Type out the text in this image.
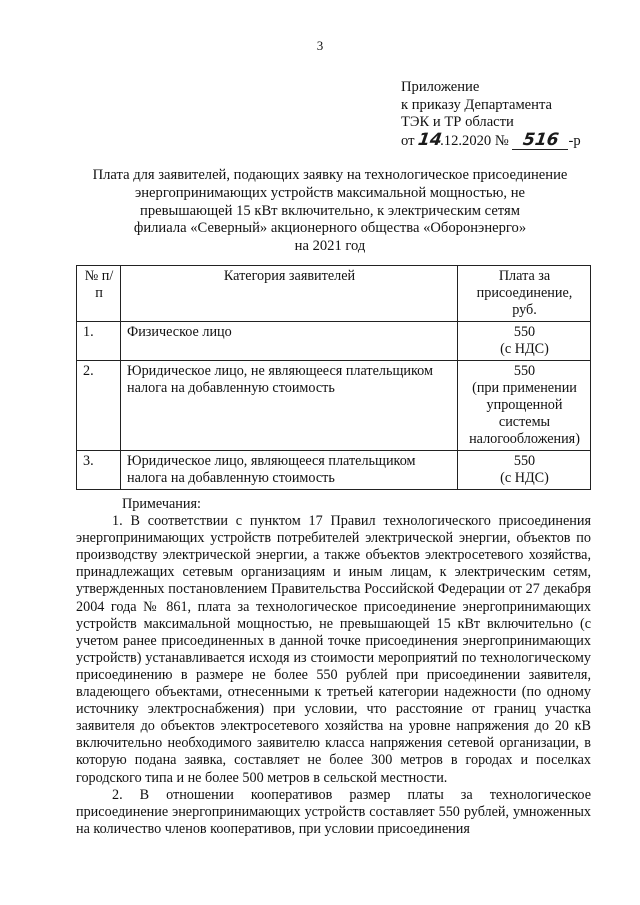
3
Приложение
к приказу Департамента
ТЭК и ТР области
от 14.12.2020 № 516 -р
Плата для заявителей, подающих заявку на технологическое присоединение
энергопринимающих устройств максимальной мощностью, не
превышающей 15 кВт включительно, к электрическим сетям
филиала «Северный» акционерного общества «Оборонэнерго»
на 2021 год
№ п/п	Категория заявителей	Плата за присоединение, руб.
1.	Физическое лицо	550
(с НДС)

2.	Юридическое лицо, не являющееся плательщиком налога на добавленную стоимость	550
(при применении
упрощенной
системы
налогообложения)

3.	Юридическое лицо, являющееся плательщиком налога на добавленную стоимость	550
(с НДС)
Примечания:

1. В соответствии с пунктом 17 Правил технологического присоединения энергопринимающих устройств потребителей электрической энергии, объектов по производству электрической энергии, а также объектов электросетевого хозяйства, принадлежащих сетевым организациям и иным лицам, к электрическим сетям, утвержденных постановлением Правительства Российской Федерации от 27 декабря 2004 года № 861, плата за технологическое присоединение энергопринимающих устройств максимальной мощностью, не превышающей 15 кВт включительно (с учетом ранее присоединенных в данной точке присоединения энергопринимающих устройств) устанавливается исходя из стоимости мероприятий по технологическому присоединению в размере не более 550 рублей при присоединении заявителя, владеющего объектами, отнесенными к третьей категории надежности (по одному источнику электроснабжения) при условии, что расстояние от границ участка заявителя до объектов электросетевого хозяйства на уровне напряжения до 20 кВ включительно необходимого заявителю класса напряжения сетевой организации, в которую подана заявка, составляет не более 300 метров в городах и поселках городского типа и не более 500 метров в сельской местности.

2. В отношении кооперативов размер платы за технологическое присоединение энергопринимающих устройств составляет 550 рублей, умноженных на количество членов кооперативов, при условии присоединения
